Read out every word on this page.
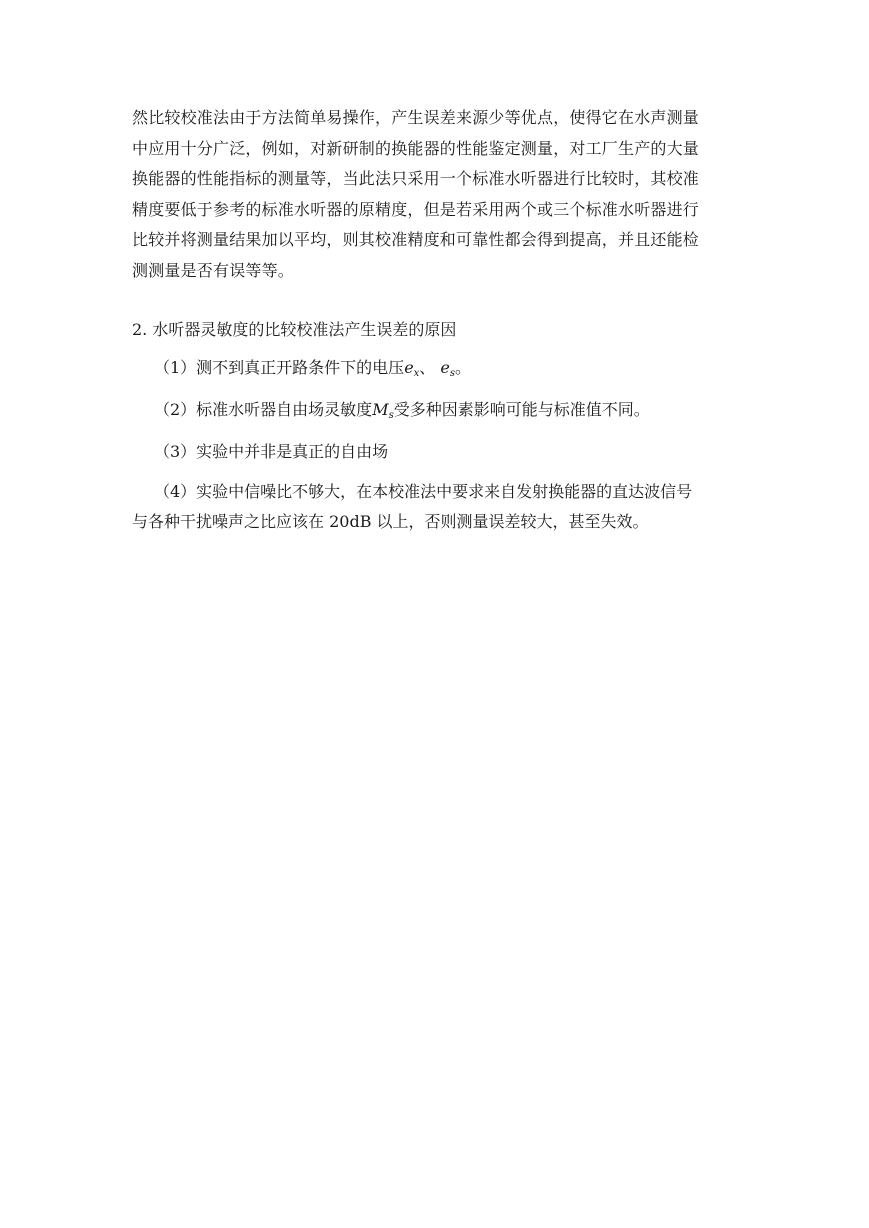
然比较校准法由于方法简单易操作，产生误差来源少等优点，使得它在水声测量
中应用十分广泛，例如，对新研制的换能器的性能鉴定测量，对工厂生产的大量
换能器的性能指标的测量等，当此法只采用一个标准水听器进行比较时，其校准
精度要低于参考的标准水听器的原精度，但是若采用两个或三个标准水听器进行
比较并将测量结果加以平均，则其校准精度和可靠性都会得到提高，并且还能检
测测量是否有误等等。
2. 水听器灵敏度的比较校准法产生误差的原因
（1）测不到真正开路条件下的电压$e_x$、 $e_s$。
（2）标准水听器自由场灵敏度$M_s$受多种因素影响可能与标准值不同。
（3）实验中并非是真正的自由场
（4）实验中信噪比不够大，在本校准法中要求来自发射换能器的直达波信号
与各种干扰噪声之比应该在 20dB 以上，否则测量误差较大，甚至失效。
